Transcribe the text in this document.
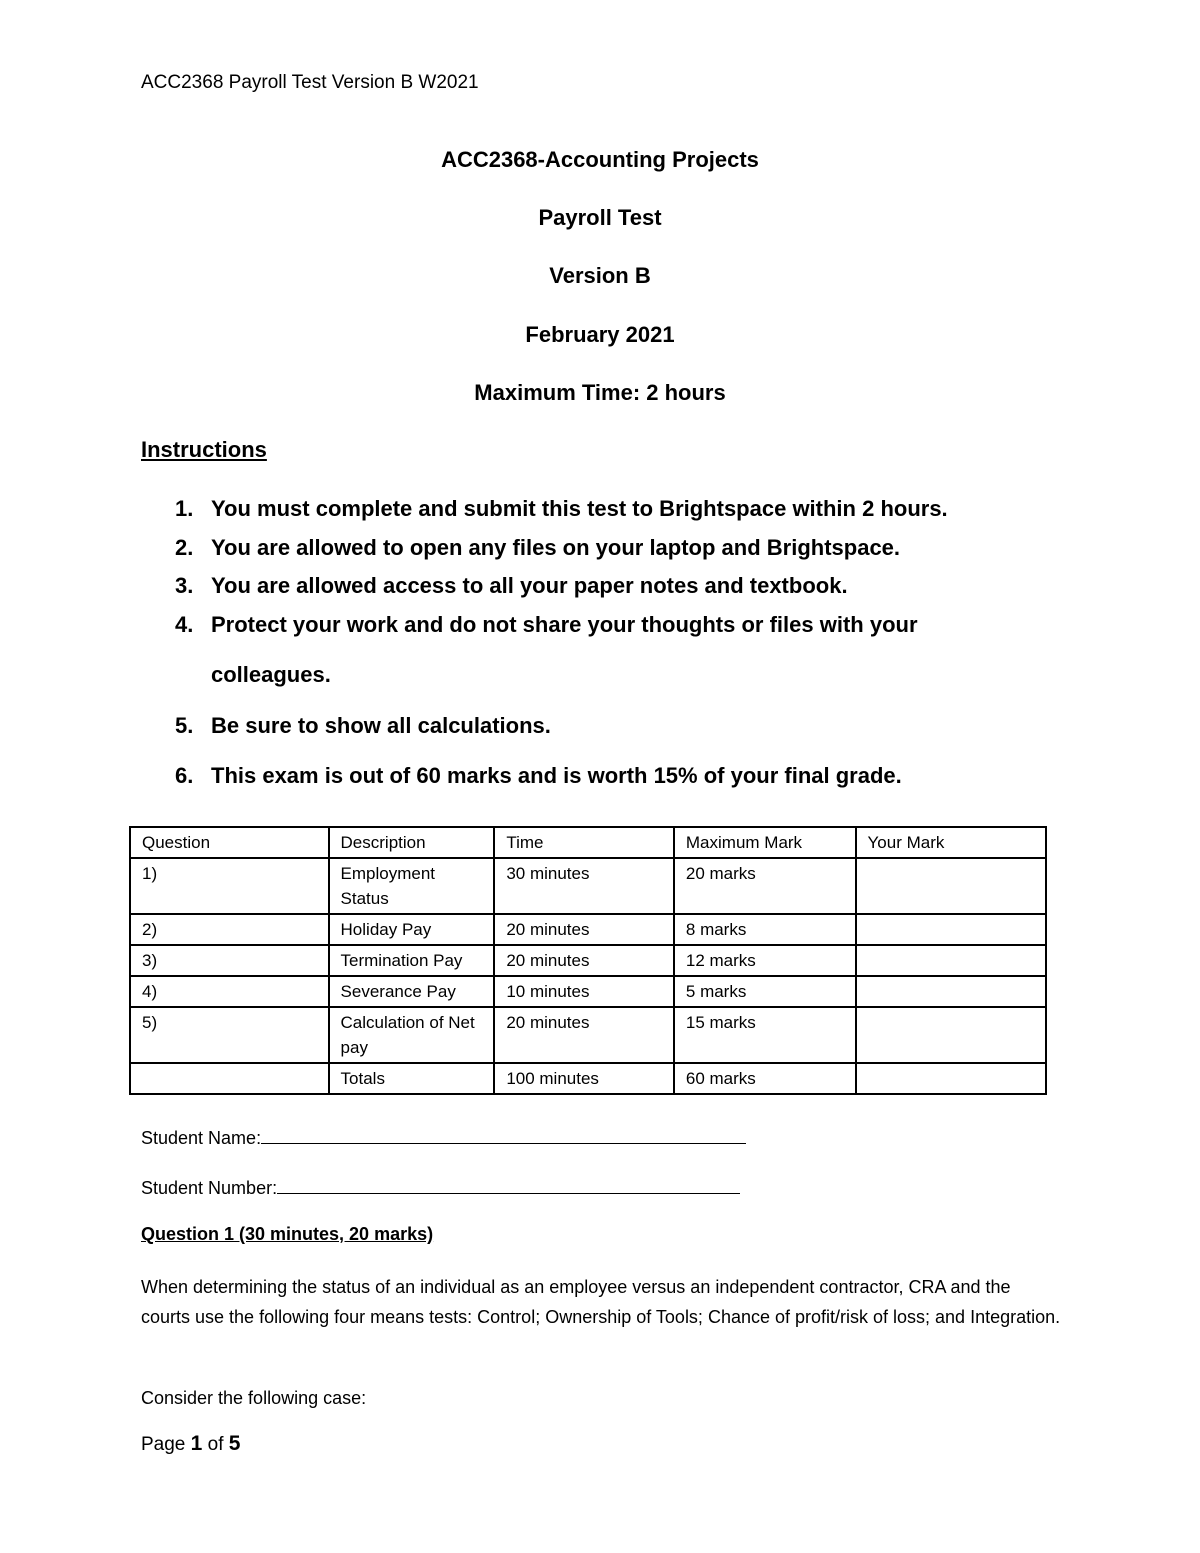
ACC2368 Payroll Test Version B W2021
ACC2368-Accounting Projects
Payroll Test
Version B
February 2021
Maximum Time: 2 hours
Instructions
1. You must complete and submit this test to Brightspace within 2 hours.
2. You are allowed to open any files on your laptop and Brightspace.
3. You are allowed access to all your paper notes and textbook.
4. Protect your work and do not share your thoughts or files with your
colleagues.
5. Be sure to show all calculations.
6. This exam is out of 60 marks and is worth 15% of your final grade.
Question	Description	Time	Maximum Mark	Your Mark
1)	Employment Status	30 minutes	20 marks	
2)	Holiday Pay	20 minutes	8 marks	
3)	Termination Pay	20 minutes	12 marks	
4)	Severance Pay	10 minutes	5 marks	
5)	Calculation of Net pay	20 minutes	15 marks	
	Totals	100 minutes	60 marks	
Student Name:
Student Number:
Question 1 (30 minutes, 20 marks)
When determining the status of an individual as an employee versus an independent contractor, CRA and the courts use the following four means tests: Control; Ownership of Tools; Chance of profit/risk of loss; and Integration.
Consider the following case:
Page 1 of 5
